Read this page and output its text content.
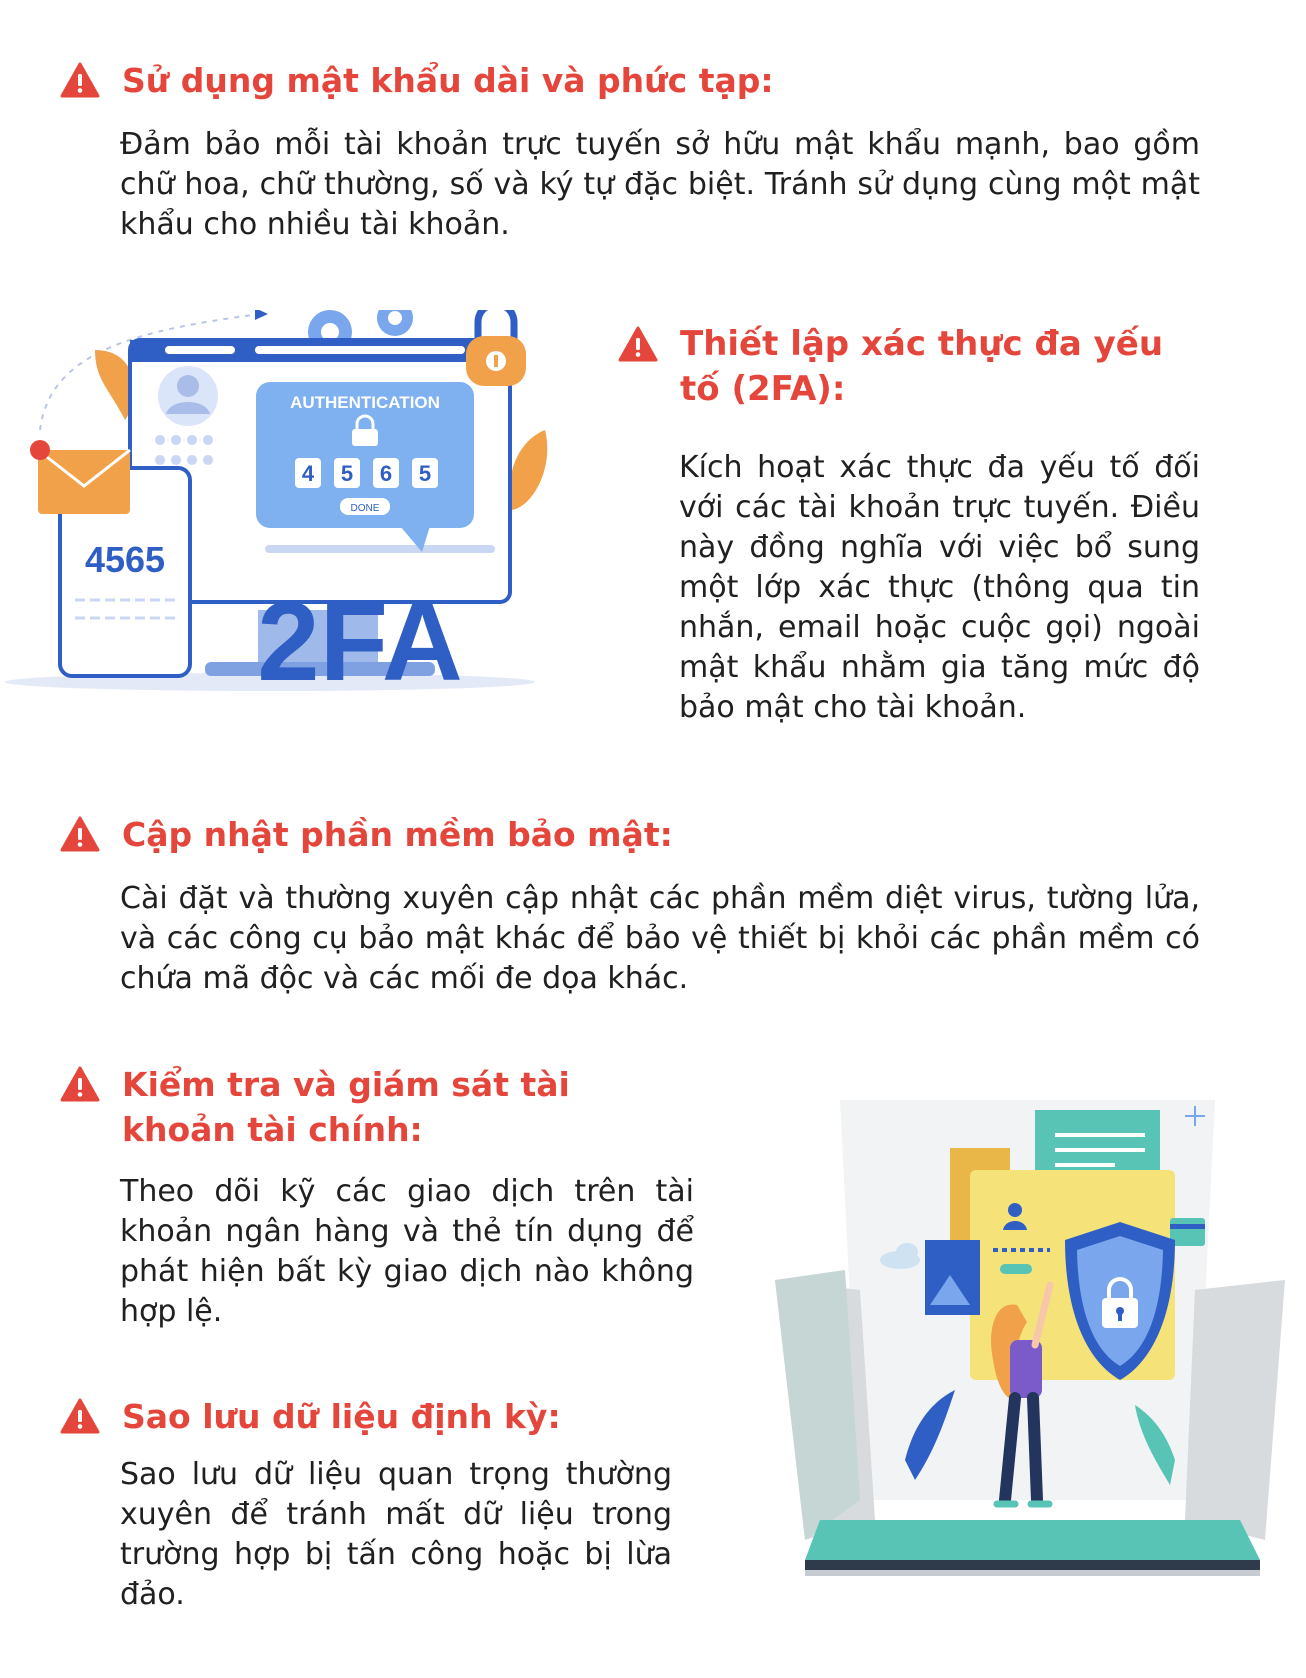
Sử dụng mật khẩu dài và phức tạp:
Đảm bảo mỗi tài khoản trực tuyến sở hữu mật khẩu mạnh, bao gồm chữ hoa, chữ thường, số và ký tự đặc biệt. Tránh sử dụng cùng một mật khẩu cho nhiều tài khoản.
AUTHENTICATION
4 5 6 5
DONE
4565
2FA
Thiết lập xác thực đa yếu tố (2FA):
Kích hoạt xác thực đa yếu tố đối với các tài khoản trực tuyến. Điều này đồng nghĩa với việc bổ sung một lớp xác thực (thông qua tin nhắn, email hoặc cuộc gọi) ngoài mật khẩu nhằm gia tăng mức độ bảo mật cho tài khoản.
Cập nhật phần mềm bảo mật:
Cài đặt và thường xuyên cập nhật các phần mềm diệt virus, tường lửa, và các công cụ bảo mật khác để bảo vệ thiết bị khỏi các phần mềm có chứa mã độc và các mối đe dọa khác.
Kiểm tra và giám sát tài khoản tài chính:
Theo dõi kỹ các giao dịch trên tài khoản ngân hàng và thẻ tín dụng để phát hiện bất kỳ giao dịch nào không hợp lệ.
Sao lưu dữ liệu định kỳ:
Sao lưu dữ liệu quan trọng thường xuyên để tránh mất dữ liệu trong trường hợp bị tấn công hoặc bị lừa đảo.
